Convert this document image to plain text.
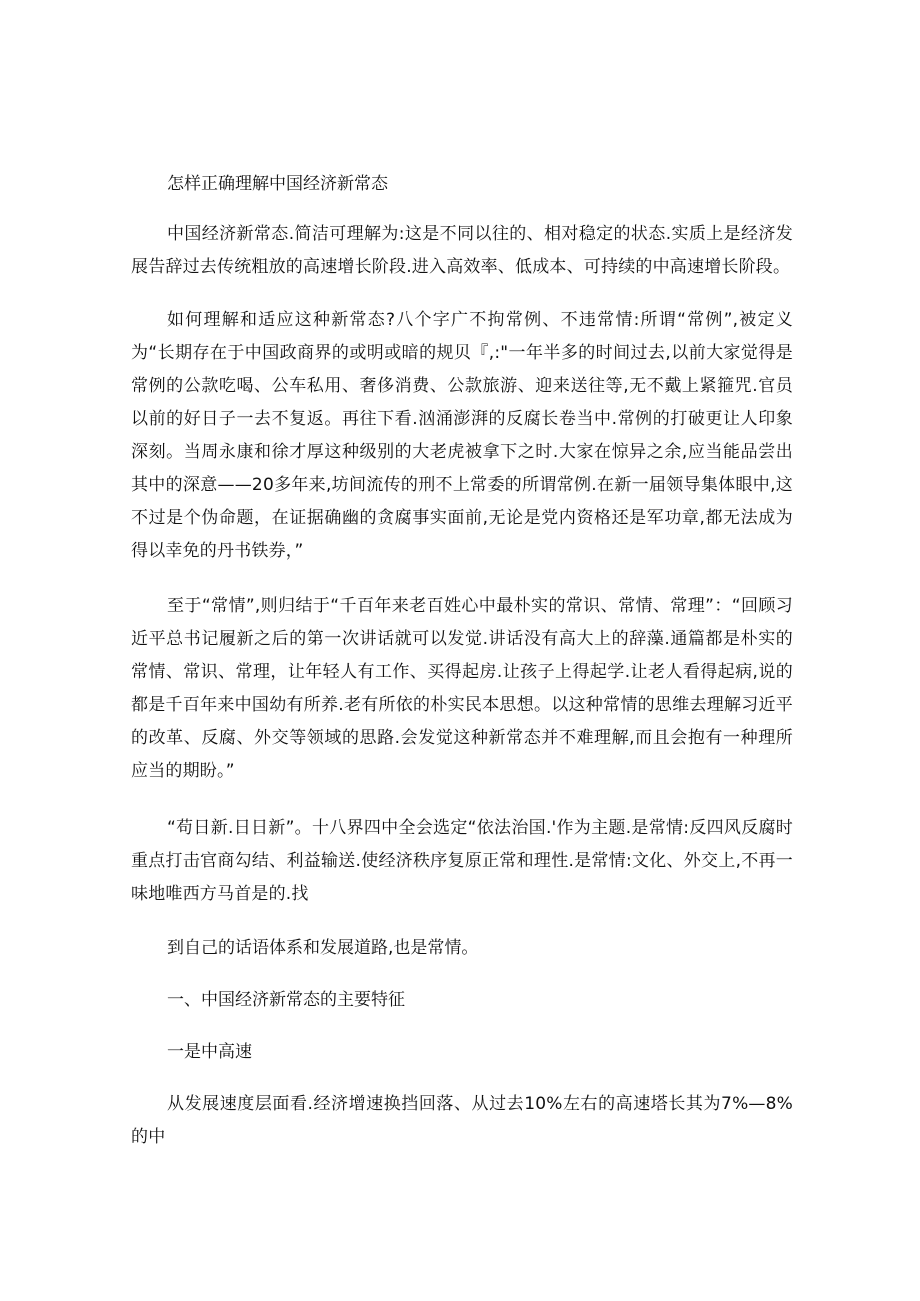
怎样正确理解中国经济新常态

中国经济新常态.简洁可理解为:这是不同以往的、相对稳定的状态.实质上是经济发展告辞过去传统粗放的高速增长阶段.进入高效率、低成本、可持续的中高速增长阶段。

如何理解和适应这种新常态?八个字广不拘常例、不违常情:所谓“常例”,被定义为“长期存在于中国政商界的或明或暗的规贝『,:"一年半多的时间过去,以前大家觉得是常例的公款吃喝、公车私用、奢侈消费、公款旅游、迎来送往等,无不戴上紧箍咒.官员以前的好日子一去不复返。再往下看.汹涌澎湃的反腐长卷当中.常例的打破更让人印象深刻。当周永康和徐才厚这种级别的大老虎被拿下之时.大家在惊异之余,应当能品尝出其中的深意——20多年来,坊间流传的刑不上常委的所谓常例.在新一届领导集体眼中,这不过是个伪命题，在证据确幽的贪腐事实面前,无论是党内资格还是军功章,都无法成为得以幸免的丹书铁券，”

至于“常情”,则归结于“千百年来老百姓心中最朴实的常识、常情、常理”：“回顾习近平总书记履新之后的第一次讲话就可以发觉.讲话没有高大上的辞藻.通篇都是朴实的常情、常识、常理，让年轻人有工作、买得起房.让孩子上得起学.让老人看得起病,说的都是千百年来中国幼有所养.老有所依的朴实民本思想。以这种常情的思维去理解习近平的改革、反腐、外交等领域的思路.会发觉这种新常态并不难理解,而且会抱有一种理所应当的期盼。”

“苟日新.日日新”。十八界四中全会选定“依法治国.'作为主题.是常情:反四风反腐时重点打击官商勾结、利益输送.使经济秩序复原正常和理性.是常情:文化、外交上,不再一味地唯西方马首是的.找

到自己的话语体系和发展道路,也是常情。

一、中国经济新常态的主要特征

一是中高速

从发展速度层面看.经济增速换挡回落、从过去10%左右的高速塔长其为7%—8%的中
